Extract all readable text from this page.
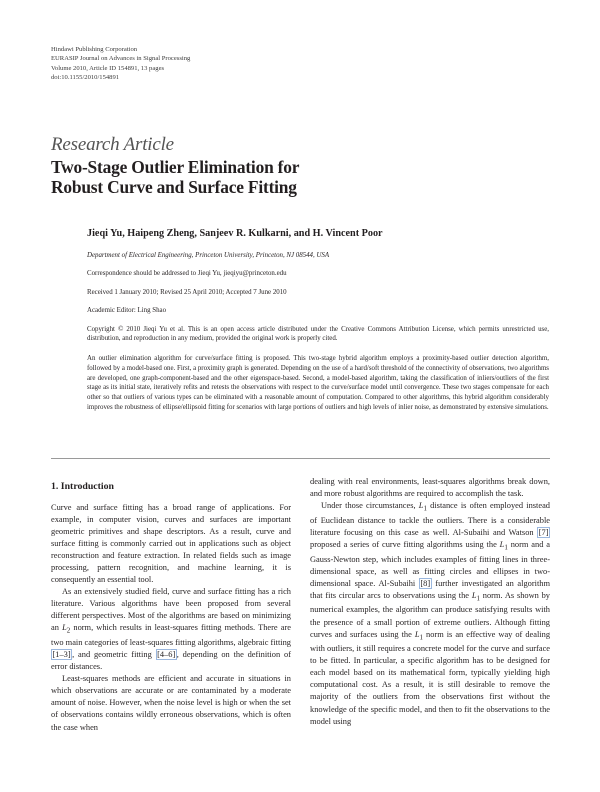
Hindawi Publishing Corporation
EURASIP Journal on Advances in Signal Processing
Volume 2010, Article ID 154891, 13 pages
doi:10.1155/2010/154891
Research Article
Two-Stage Outlier Elimination for
Robust Curve and Surface Fitting
Jieqi Yu, Haipeng Zheng, Sanjeev R. Kulkarni, and H. Vincent Poor
Department of Electrical Engineering, Princeton University, Princeton, NJ 08544, USA
Correspondence should be addressed to Jieqi Yu, jieqiyu@princeton.edu
Received 1 January 2010; Revised 25 April 2010; Accepted 7 June 2010
Academic Editor: Ling Shao
Copyright © 2010 Jieqi Yu et al. This is an open access article distributed under the Creative Commons Attribution License, which permits unrestricted use, distribution, and reproduction in any medium, provided the original work is properly cited.
An outlier elimination algorithm for curve/surface fitting is proposed. This two-stage hybrid algorithm employs a proximity-based outlier detection algorithm, followed by a model-based one. First, a proximity graph is generated. Depending on the use of a hard/soft threshold of the connectivity of observations, two algorithms are developed, one graph-component-based and the other eigenspace-based. Second, a model-based algorithm, taking the classification of inliers/outliers of the first stage as its initial state, iteratively refits and retests the observations with respect to the curve/surface model until convergence. These two stages compensate for each other so that outliers of various types can be eliminated with a reasonable amount of computation. Compared to other algorithms, this hybrid algorithm considerably improves the robustness of ellipse/ellipsoid fitting for scenarios with large portions of outliers and high levels of inlier noise, as demonstrated by extensive simulations.
1. Introduction

Curve and surface fitting has a broad range of applications. For example, in computer vision, curves and surfaces are important geometric primitives and shape descriptors. As a result, curve and surface fitting is commonly carried out in applications such as object reconstruction and feature extraction. In related fields such as image processing, pattern recognition, and machine learning, it is consequently an essential tool.

As an extensively studied field, curve and surface fitting has a rich literature. Various algorithms have been proposed from several different perspectives. Most of the algorithms are based on minimizing an $L_2$ norm, which results in least-squares fitting methods. There are two main categories of least-squares fitting algorithms, algebraic fitting [1–3] , and geometric fitting [4–6] , depending on the definition of error distances.

Least-squares methods are efficient and accurate in situations in which observations are accurate or are contaminated by a moderate amount of noise. However, when the noise level is high or when the set of observations contains wildly erroneous observations, which is often the case when

dealing with real environments, least-squares algorithms break down, and more robust algorithms are required to accomplish the task.

Under those circumstances, $L_1$ distance is often employed instead of Euclidean distance to tackle the outliers. There is a considerable literature focusing on this case as well. Al-Subaihi and Watson [7] proposed a series of curve fitting algorithms using the $L_1$ norm and a Gauss-Newton step, which includes examples of fitting lines in three-dimensional space, as well as fitting circles and ellipses in two-dimensional space. Al-Subaihi [8] further investigated an algorithm that fits circular arcs to observations using the $L_1$ norm. As shown by numerical examples, the algorithm can produce satisfying results with the presence of a small portion of extreme outliers. Although fitting curves and surfaces using the $L_1$ norm is an effective way of dealing with outliers, it still requires a concrete model for the curve and surface to be fitted. In particular, a specific algorithm has to be designed for each model based on its mathematical form, typically yielding high computational cost. As a result, it is still desirable to remove the majority of the outliers from the observations first without the knowledge of the specific model, and then to fit the observations to the model using
